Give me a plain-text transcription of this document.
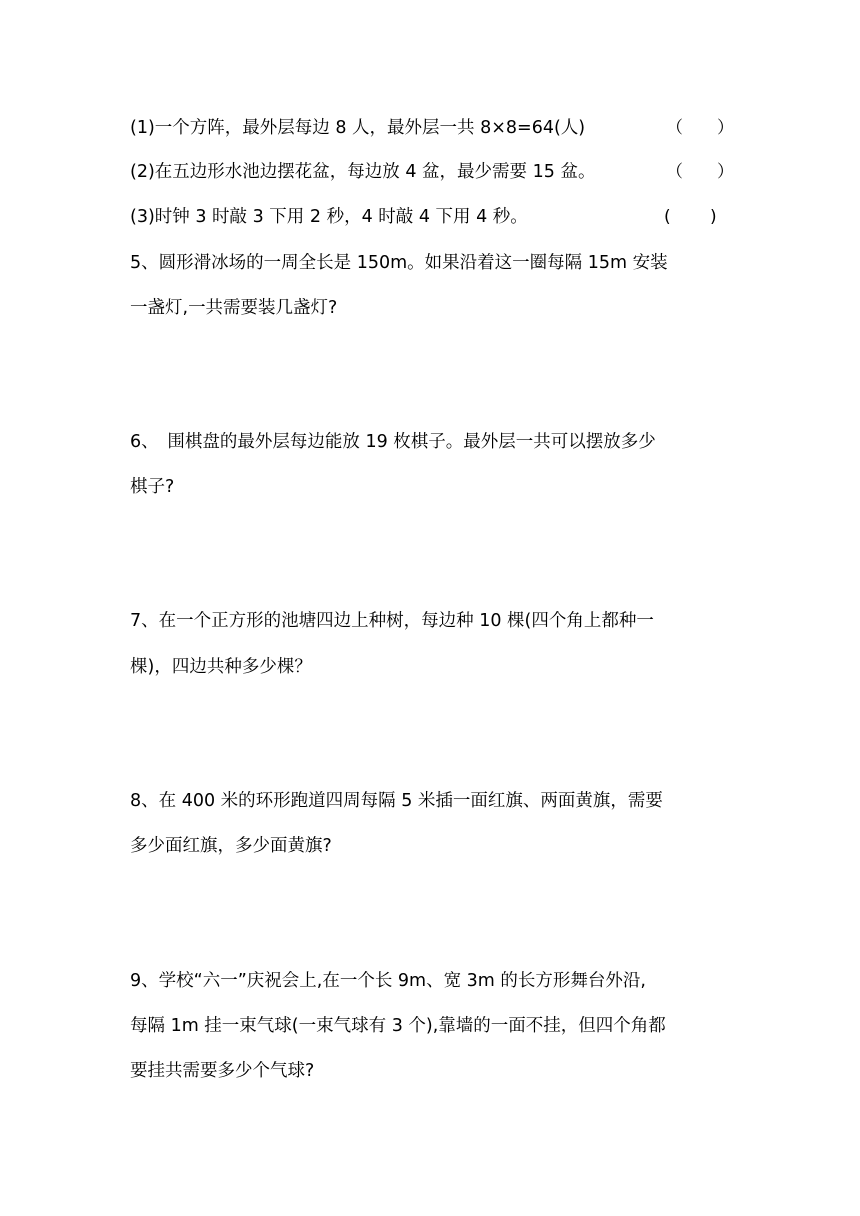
(1)一个方阵，最外层每边 8 人，最外层一共 8×8=64(人)	（　　）
(2)在五边形水池边摆花盆，每边放 4 盆，最少需要 15 盆。	（　　）
(3)时钟 3 时敲 3 下用 2 秒，4 时敲 4 下用 4 秒。	(　　 )
5、圆形滑冰场的一周全长是 150m。如果沿着这一圈每隔 15m 安装
一盏灯,一共需要装几盏灯?
6、　围棋盘的最外层每边能放 19 枚棋子。最外层一共可以摆放多少
棋子?
7、在一个正方形的池塘四边上种树，每边种 10 棵(四个角上都种一
棵)，四边共种多少棵？
8、在 400 米的环形跑道四周每隔 5 米插一面红旗、两面黄旗，需要
多少面红旗，多少面黄旗?
9、学校“六一”庆祝会上,在一个长 9m、宽 3m 的长方形舞台外沿,
每隔 1m 挂一束气球(一束气球有 3 个),靠墙的一面不挂，但四个角都
要挂共需要多少个气球?
